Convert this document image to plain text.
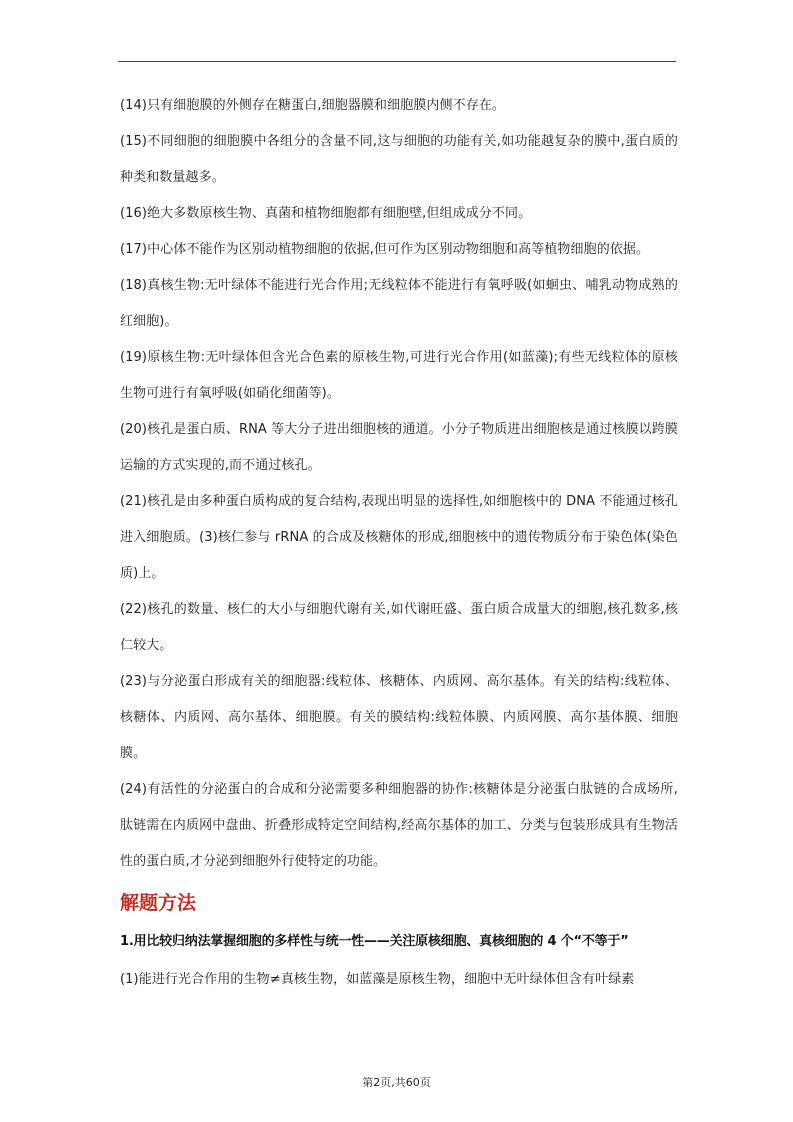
(14)只有细胞膜的外侧存在糖蛋白,细胞器膜和细胞膜内侧不存在。

(15)不同细胞的细胞膜中各组分的含量不同,这与细胞的功能有关,如功能越复杂的膜中,蛋白质的种类和数量越多。

(16)绝大多数原核生物、真菌和植物细胞都有细胞壁,但组成成分不同。

(17)中心体不能作为区别动植物细胞的依据,但可作为区别动物细胞和高等植物细胞的依据。

(18)真核生物:无叶绿体不能进行光合作用;无线粒体不能进行有氧呼吸(如蛔虫、哺乳动物成熟的红细胞)。

(19)原核生物:无叶绿体但含光合色素的原核生物,可进行光合作用(如蓝藻);有些无线粒体的原核生物可进行有氧呼吸(如硝化细菌等)。

(20)核孔是蛋白质、RNA 等大分子进出细胞核的通道。小分子物质进出细胞核是通过核膜以跨膜运输的方式实现的,而不通过核孔。

(21)核孔是由多种蛋白质构成的复合结构,表现出明显的选择性,如细胞核中的 DNA 不能通过核孔进入细胞质。(3)核仁参与 rRNA 的合成及核糖体的形成,细胞核中的遗传物质分布于染色体(染色质)上。

(22)核孔的数量、核仁的大小与细胞代谢有关,如代谢旺盛、蛋白质合成量大的细胞,核孔数多,核仁较大。

(23)与分泌蛋白形成有关的细胞器:线粒体、核糖体、内质网、高尔基体。有关的结构:线粒体、核糖体、内质网、高尔基体、细胞膜。有关的膜结构:线粒体膜、内质网膜、高尔基体膜、细胞膜。

(24)有活性的分泌蛋白的合成和分泌需要多种细胞器的协作:核糖体是分泌蛋白肽链的合成场所,肽链需在内质网中盘曲、折叠形成特定空间结构,经高尔基体的加工、分类与包装形成具有生物活性的蛋白质,才分泌到细胞外行使特定的功能。

解题方法

1.用比较归纳法掌握细胞的多样性与统一性——关注原核细胞、真核细胞的 4 个“不等于”

(1)能进行光合作用的生物≠真核生物，如蓝藻是原核生物，细胞中无叶绿体但含有叶绿素

第2页,共60页
